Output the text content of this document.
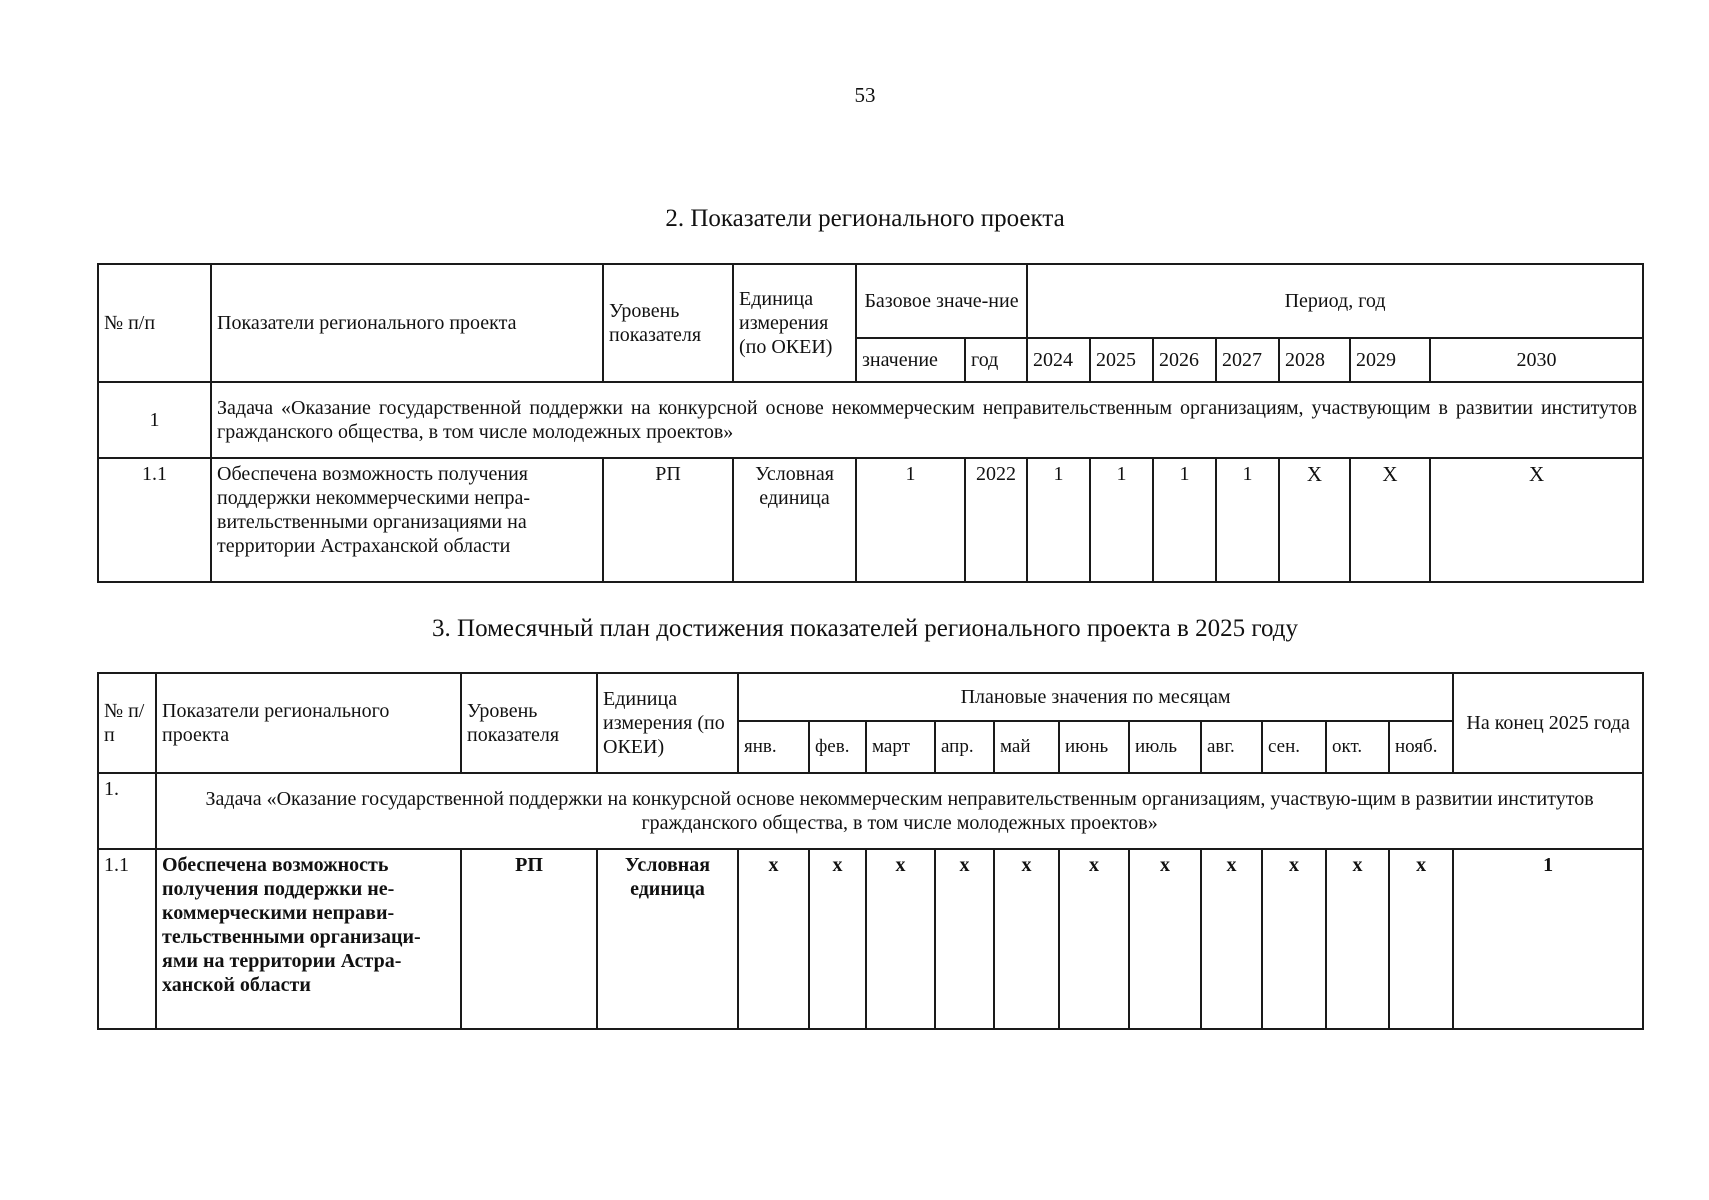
53
2. Показатели регионального проекта
№ п/п	Показатели регионального проекта	Уровень показателя	Единица измерения (по ОКЕИ)	Базовое значе-ние		Период, год						
				значение	год	2024	2025	2026	2027	2028	2029	2030
1	Задача «Оказание государственной поддержки на конкурсной основе некоммерческим неправительственным организациям, участвующим в развитии институтов гражданского общества, в том числе молодежных проектов»											
1.1	Обеспечена возможность получения поддержки некоммерческими непра-вительственными организациями на территории Астраханской области	РП	Условная единица	1	2022	1	1	1	1	Х	Х	Х
3. Помесячный план достижения показателей регионального проекта в 2025 году
№ п/п	Показатели регионального проекта	Уровень показателя	Единица измерения (по ОКЕИ)	Плановые значения по месяцам											На конец 2025 года
				янв.	фев.	март	апр.	май	июнь	июль	авг.	сен.	окт.	нояб.	
1.	Задача «Оказание государственной поддержки на конкурсной основе некоммерческим неправительственным организациям, участвую-щим в развитии институтов гражданского общества, в том числе молодежных проектов»														
1.1	Обеспечена возможность получения поддержки не-коммерческими неправи-тельственными организаци-ями на территории Астра-ханской области	РП	Условная единица	х	х	х	х	х	х	х	х	х	х	х	1
